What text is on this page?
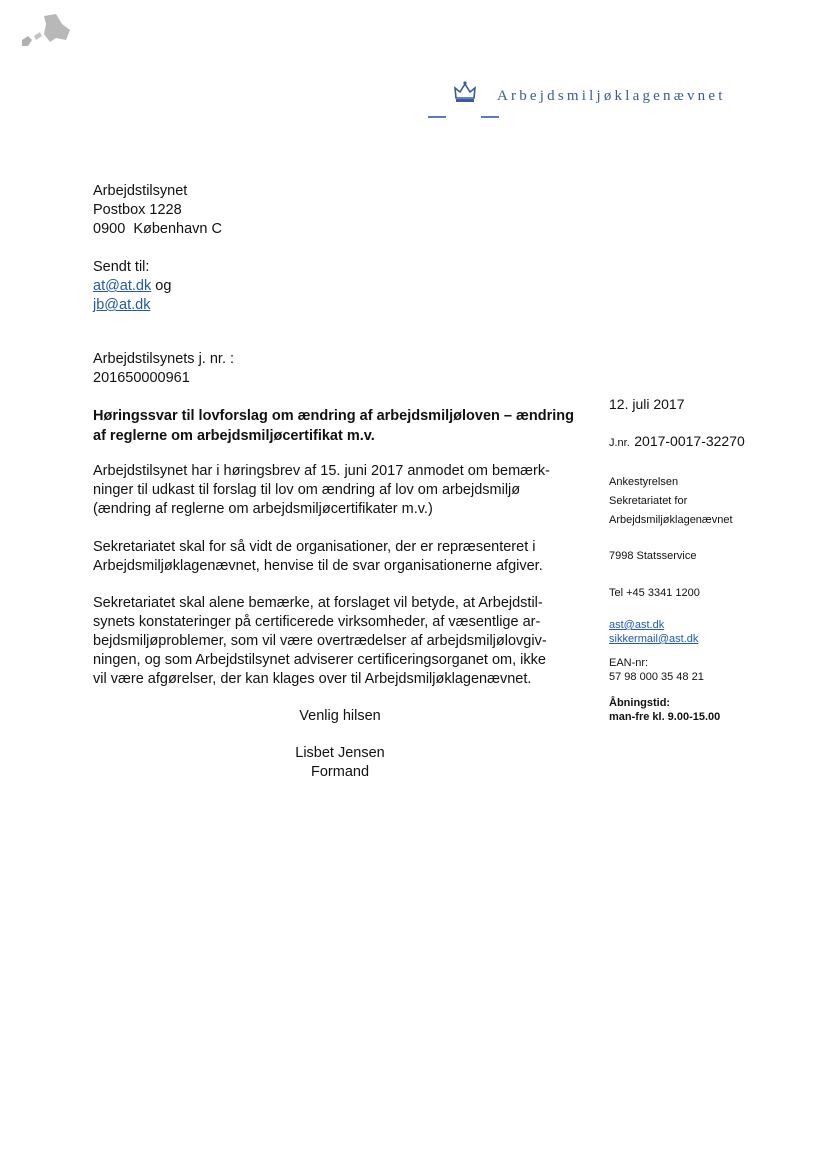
Arbejdsmiljøklagenævnet
Arbejdstilsynet
Postbox 1228
0900  København C
Sendt til:
at@at.dk og
jb@at.dk
Arbejdstilsynets j. nr. :
201650000961
Høringssvar til lovforslag om ændring af arbejdsmiljøloven – ændring af reglerne om arbejdsmiljøcertifikat m.v.
Arbejdstilsynet har i høringsbrev af 15. juni 2017 anmodet om bemærk-
ninger til udkast til forslag til lov om ændring af lov om arbejdsmiljø
(ændring af reglerne om arbejdsmiljøcertifikater m.v.)
Sekretariatet skal for så vidt de organisationer, der er repræsenteret i
Arbejdsmiljøklagenævnet, henvise til de svar organisationerne afgiver.
Sekretariatet skal alene bemærke, at forslaget vil betyde, at Arbejdstil-
synets konstateringer på certificerede virksomheder, af væsentlige ar-
bejdsmiljøproblemer, som vil være overtrædelser af arbejdsmiljølovgiv-
ningen, og som Arbejdstilsynet adviserer certificeringsorganet om, ikke
vil være afgørelser, der kan klages over til Arbejdsmiljøklagenævnet.
Venlig hilsen
Lisbet Jensen
Formand
12. juli 2017
J.nr. 2017-0017-32270
Ankestyrelsen
Sekretariatet for
Arbejdsmiljøklagenævnet
7998 Statsservice
Tel +45 3341 1200
ast@ast.dk
sikkermail@ast.dk
EAN-nr:
57 98 000 35 48 21
Åbningstid:
man-fre kl. 9.00-15.00
